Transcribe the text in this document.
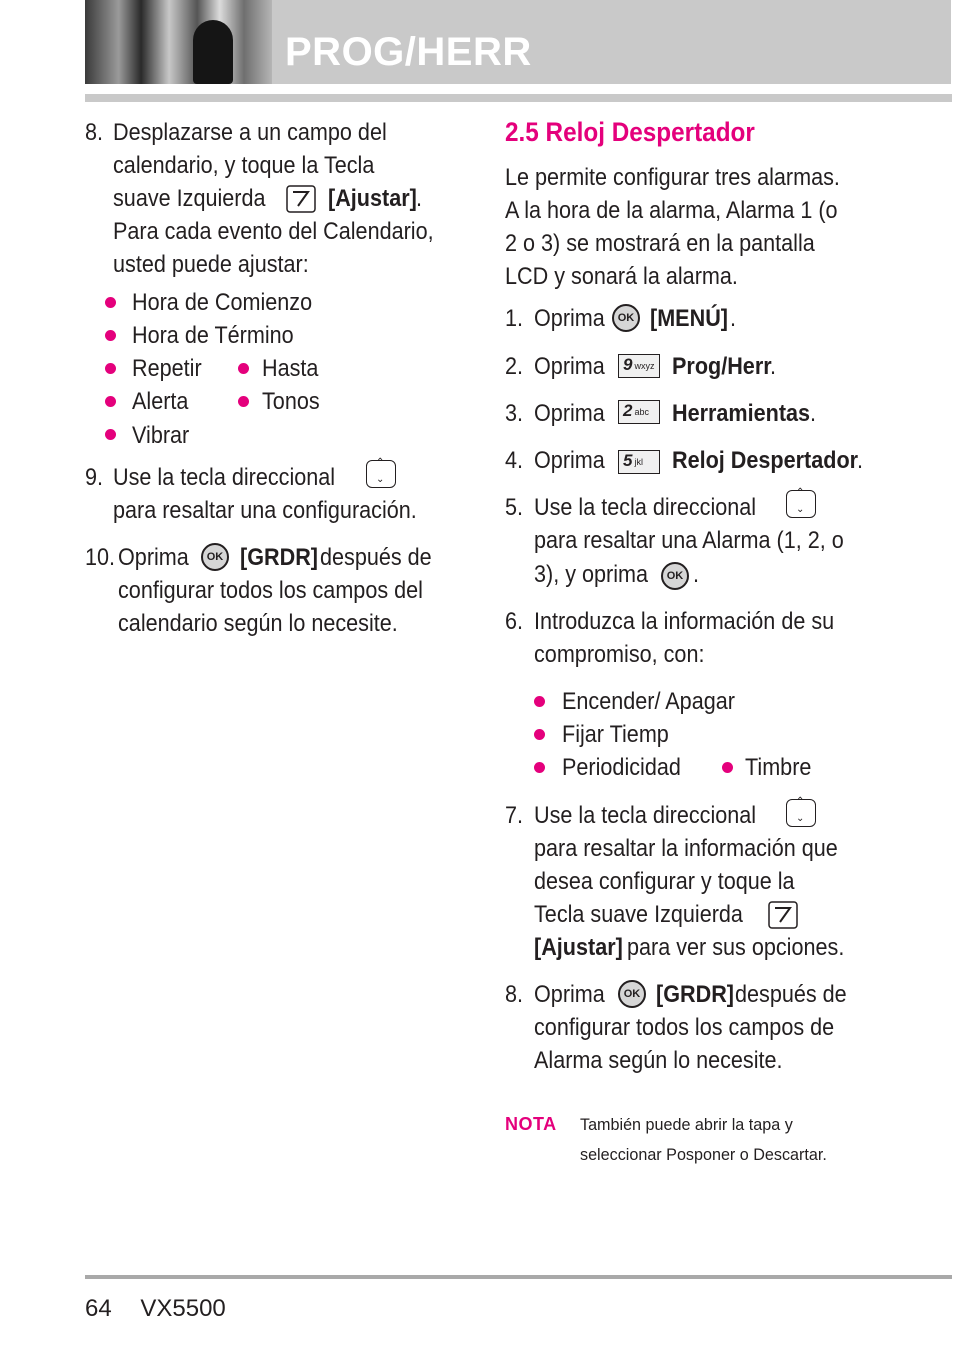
PROG/HERR
8. Desplazarse a un campo del
calendario, y toque la Tecla
suave Izquierda	[Ajustar] .
Para cada evento del Calendario,
usted puede ajustar:
Hora de Comienzo
Hora de Término
Repetir	Hasta
Alerta	Tonos
Vibrar
9. Use la tecla direccional
⌃ ⌄
para resaltar una configuración.
10. Oprima	OK [GRDR] después de
configurar todos los campos del
calendario según lo necesite.
2.5 Reloj Despertador
Le permite configurar tres alarmas.
A la hora de la alarma, Alarma 1 (o
2 o 3) se mostrará en la pantalla
LCD y sonará la alarma.
1. Oprima	OK [MENÚ] .
2. Oprima 9 wxyz Prog/Herr
.
3. Oprima 2 abc Herramientas .
4. Oprima 5 jkl	Reloj Despertador
.
5. Use la tecla direccional
⌃ ⌄
para resaltar una Alarma (1, 2, o
3), y oprima	OK .
6. Introduzca la información de su
compromiso, con:
Encender/ Apagar
Fijar Tiemp
Periodicidad	Timbre
7. Use la tecla direccional
⌃ ⌄
para resaltar la información que
desea configurar y toque la
Tecla suave Izquierda
[Ajustar] para ver sus opciones.
8. Oprima	OK [GRDR] después de
configurar todos los campos de
Alarma según lo necesite.
NOTA También puede abrir la tapa y
seleccionar Posponer o Descartar.
64 VX5500
